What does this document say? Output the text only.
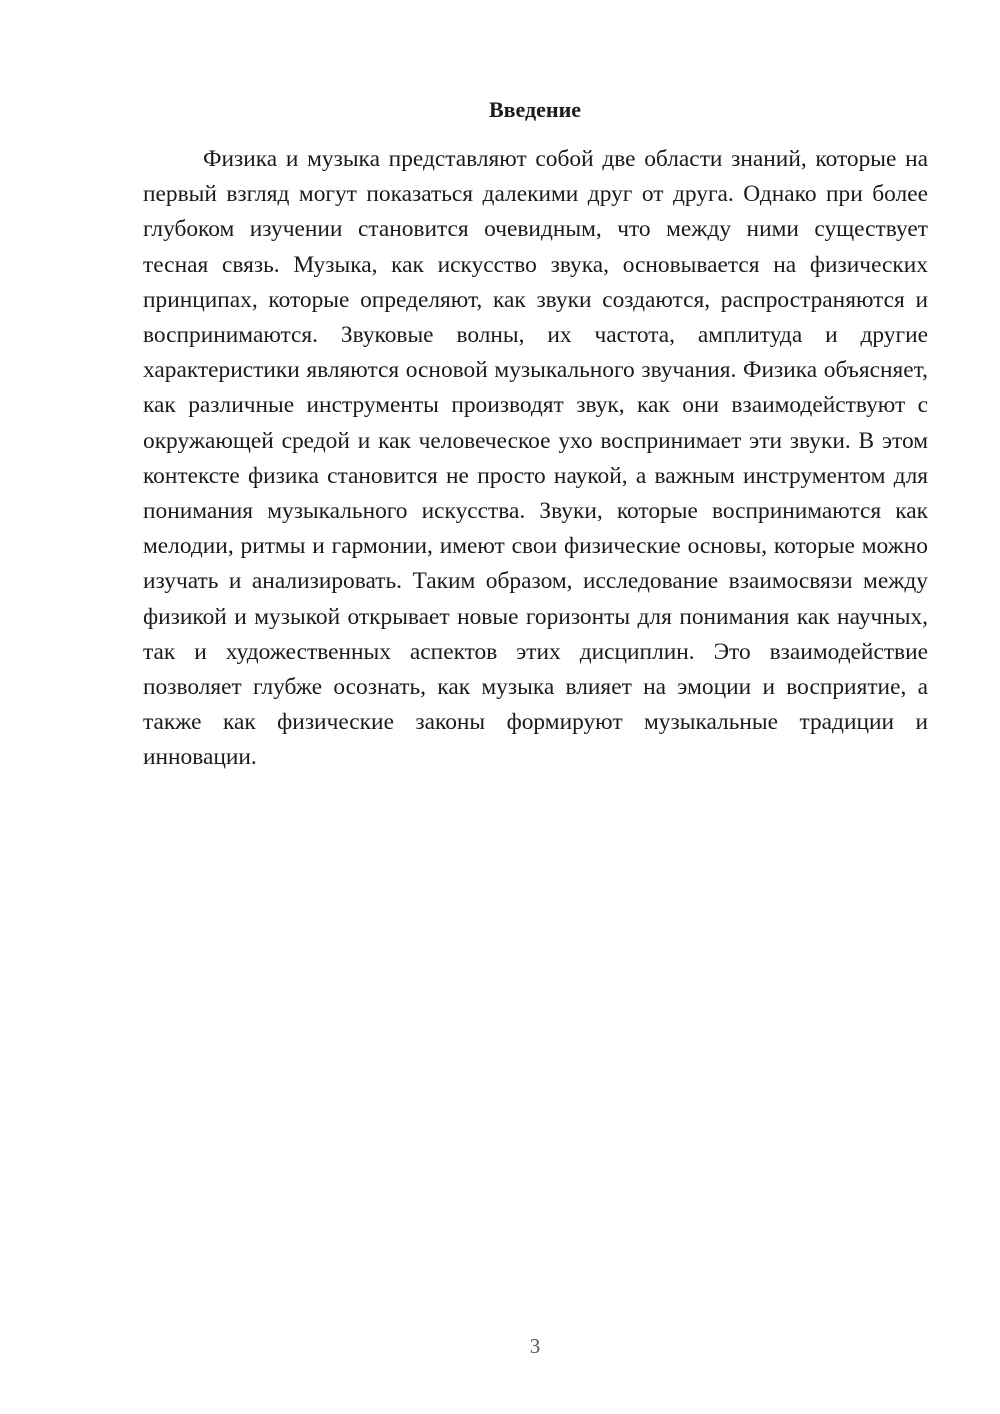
Введение

Физика и музыка представляют собой две области знаний, которые на первый взгляд могут показаться далекими друг от друга. Однако при более глубоком изучении становится очевидным, что между ними существует тесная связь. Музыка, как искусство звука, основывается на физических принципах, которые определяют, как звуки создаются, распространяются и воспринимаются. Звуковые волны, их частота, амплитуда и другие характеристики являются основой музыкального звучания. Физика объясняет, как различные инструменты производят звук, как они взаимодействуют с окружающей средой и как человеческое ухо воспринимает эти звуки. В этом контексте физика становится не просто наукой, а важным инструментом для понимания музыкального искусства. Звуки, которые воспринимаются как мелодии, ритмы и гармонии, имеют свои физические основы, которые можно изучать и анализировать. Таким образом, исследование взаимосвязи между физикой и музыкой открывает новые горизонты для понимания как научных, так и художественных аспектов этих дисциплин. Это взаимодействие позволяет глубже осознать, как музыка влияет на эмоции и восприятие, а также как физические законы формируют музыкальные традиции и инновации.

3
